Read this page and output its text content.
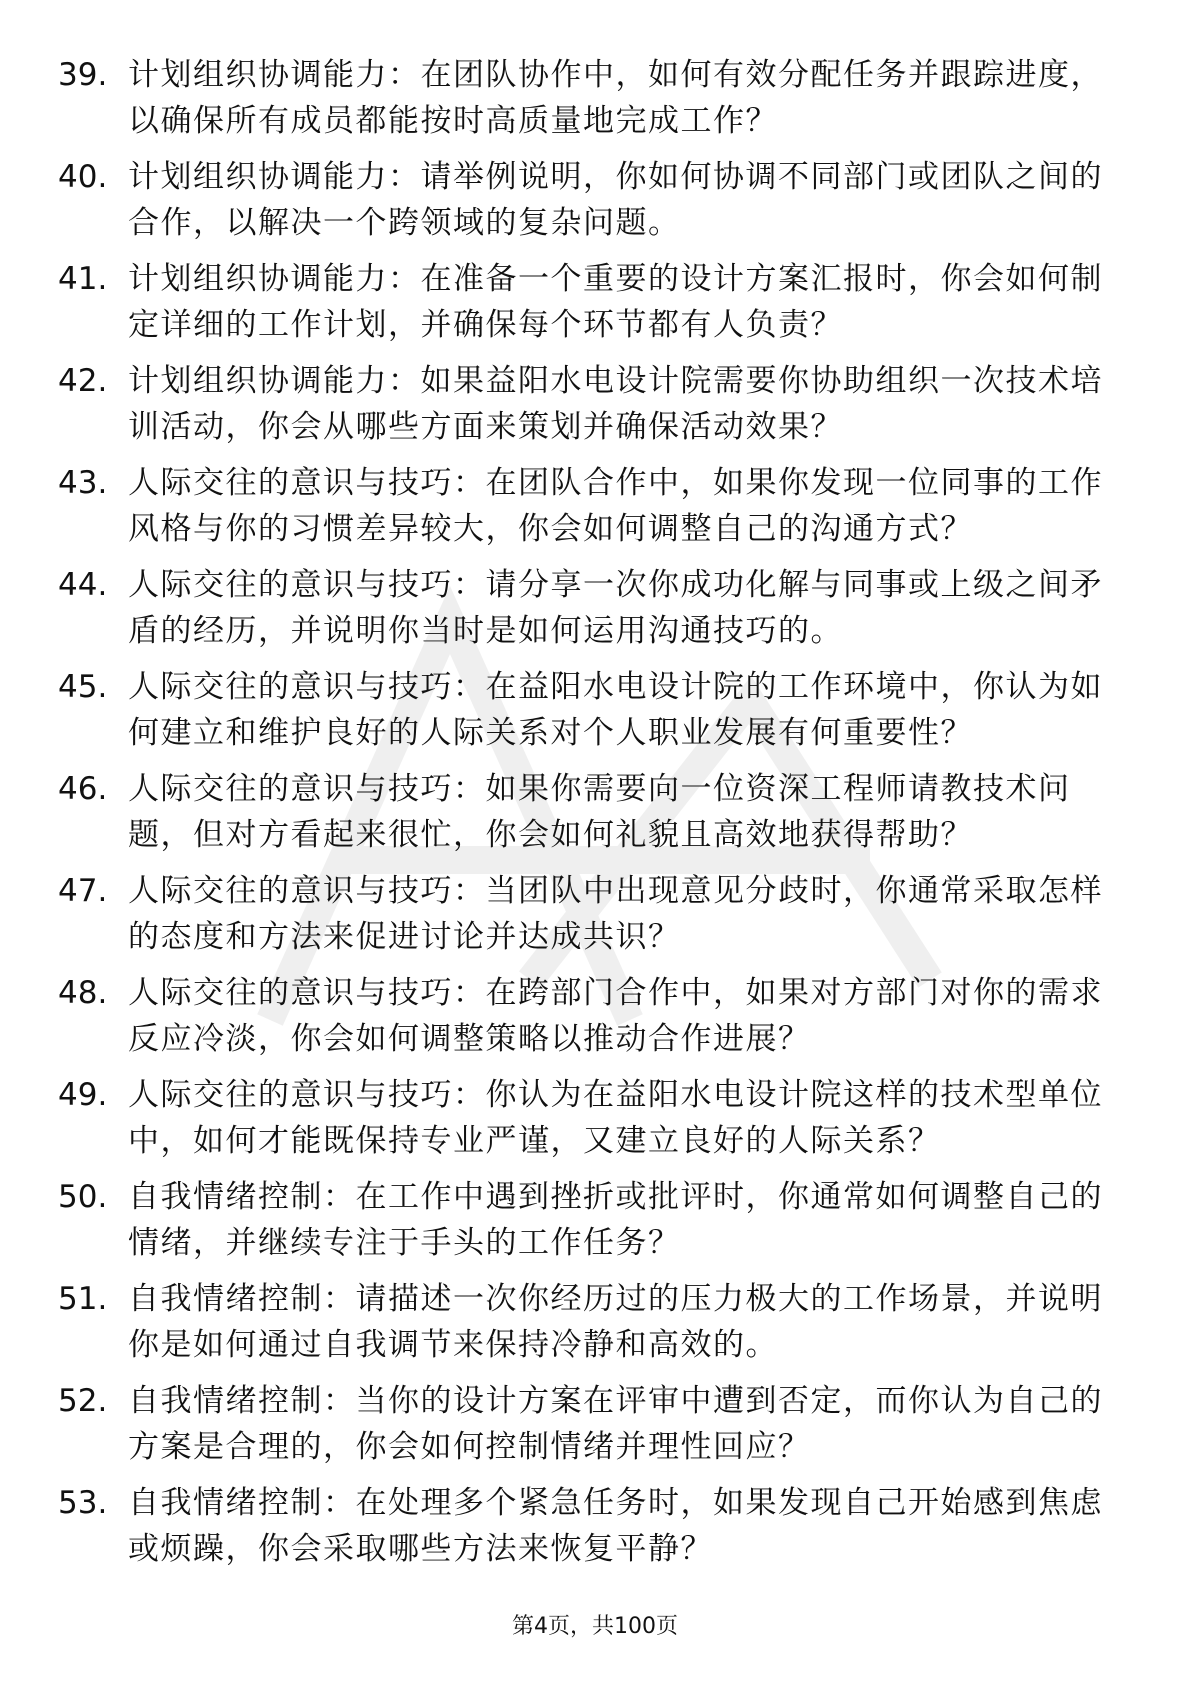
39. 计划组织协调能力：在团队协作中，如何有效分配任务并跟踪进度，以确保所有成员都能按时高质量地完成工作？
40. 计划组织协调能力：请举例说明，你如何协调不同部门或团队之间的合作，以解决一个跨领域的复杂问题。
41. 计划组织协调能力：在准备一个重要的设计方案汇报时，你会如何制定详细的工作计划，并确保每个环节都有人负责？
42. 计划组织协调能力：如果益阳水电设计院需要你协助组织一次技术培训活动，你会从哪些方面来策划并确保活动效果？
43. 人际交往的意识与技巧：在团队合作中，如果你发现一位同事的工作风格与你的习惯差异较大，你会如何调整自己的沟通方式？
44. 人际交往的意识与技巧：请分享一次你成功化解与同事或上级之间矛盾的经历，并说明你当时是如何运用沟通技巧的。
45. 人际交往的意识与技巧：在益阳水电设计院的工作环境中，你认为如何建立和维护良好的人际关系对个人职业发展有何重要性？
46. 人际交往的意识与技巧：如果你需要向一位资深工程师请教技术问题，但对方看起来很忙，你会如何礼貌且高效地获得帮助？
47. 人际交往的意识与技巧：当团队中出现意见分歧时，你通常采取怎样的态度和方法来促进讨论并达成共识？
48. 人际交往的意识与技巧：在跨部门合作中，如果对方部门对你的需求反应冷淡，你会如何调整策略以推动合作进展？
49. 人际交往的意识与技巧：你认为在益阳水电设计院这样的技术型单位中，如何才能既保持专业严谨，又建立良好的人际关系？
50. 自我情绪控制：在工作中遇到挫折或批评时，你通常如何调整自己的情绪，并继续专注于手头的工作任务？
51. 自我情绪控制：请描述一次你经历过的压力极大的工作场景，并说明你是如何通过自我调节来保持冷静和高效的。
52. 自我情绪控制：当你的设计方案在评审中遭到否定，而你认为自己的方案是合理的，你会如何控制情绪并理性回应？
53. 自我情绪控制：在处理多个紧急任务时，如果发现自己开始感到焦虑或烦躁，你会采取哪些方法来恢复平静？
第4页，共100页
